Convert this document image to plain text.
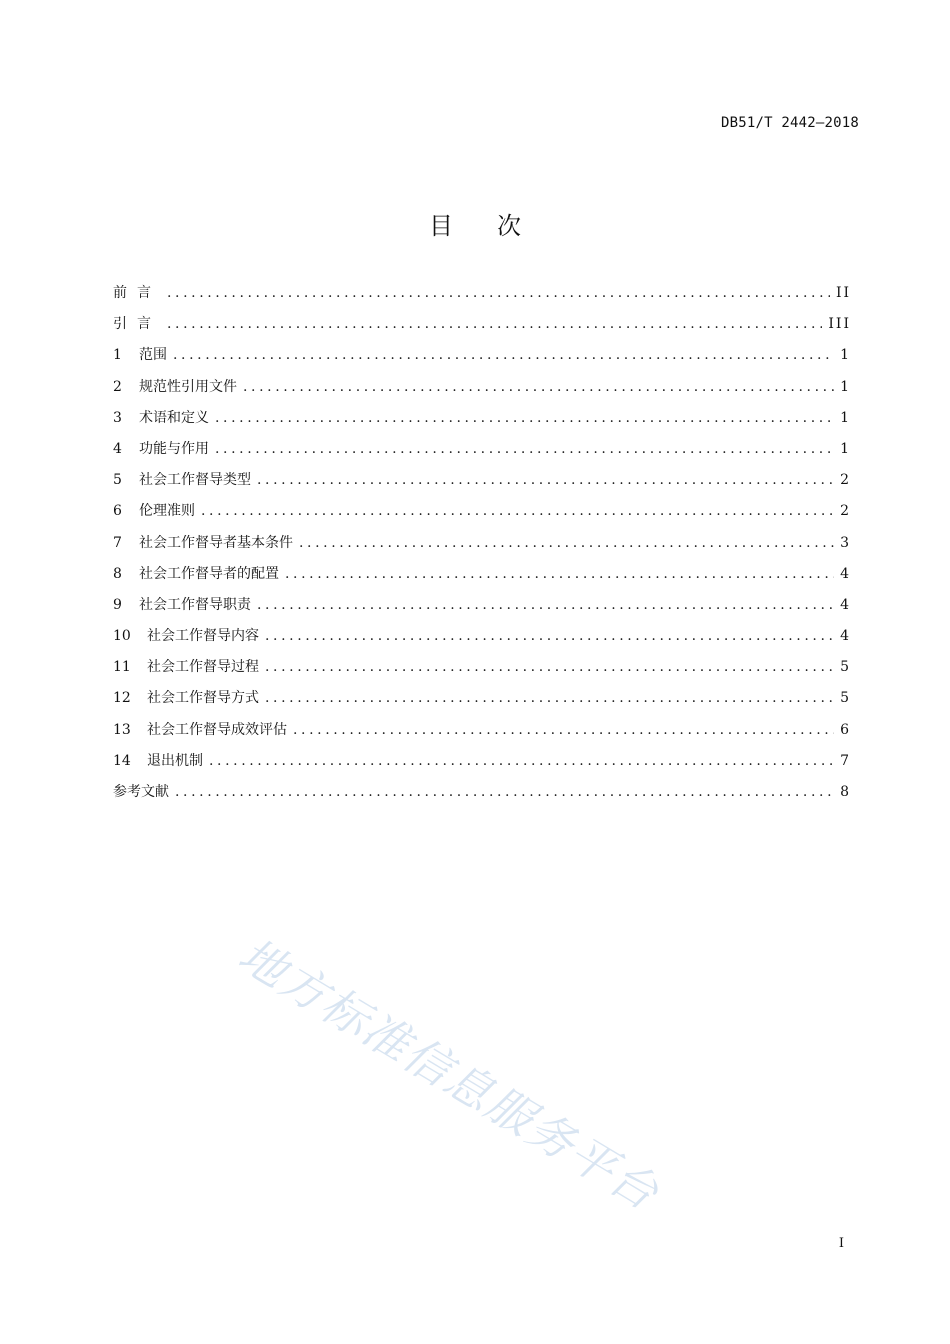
DB51/T 2442—2018
目次
前言 .....	II
引言 .....	III
1	范围 .....	1
2	规范性引用文件 .....	1
3	术语和定义 .....	1
4	功能与作用 .....	1
5	社会工作督导类型 .....	2
6	伦理准则 .....	2
7	社会工作督导者基本条件 .....	3
8	社会工作督导者的配置 .....	4
9	社会工作督导职责 .....	4
10 社会工作督导内容 .....	4
11 社会工作督导过程 .....	5
12 社会工作督导方式 .....	5
13 社会工作督导成效评估 .....	6
14 退出机制 .....	7
参考文献 .....	8
I
地方标准信息服务平台
